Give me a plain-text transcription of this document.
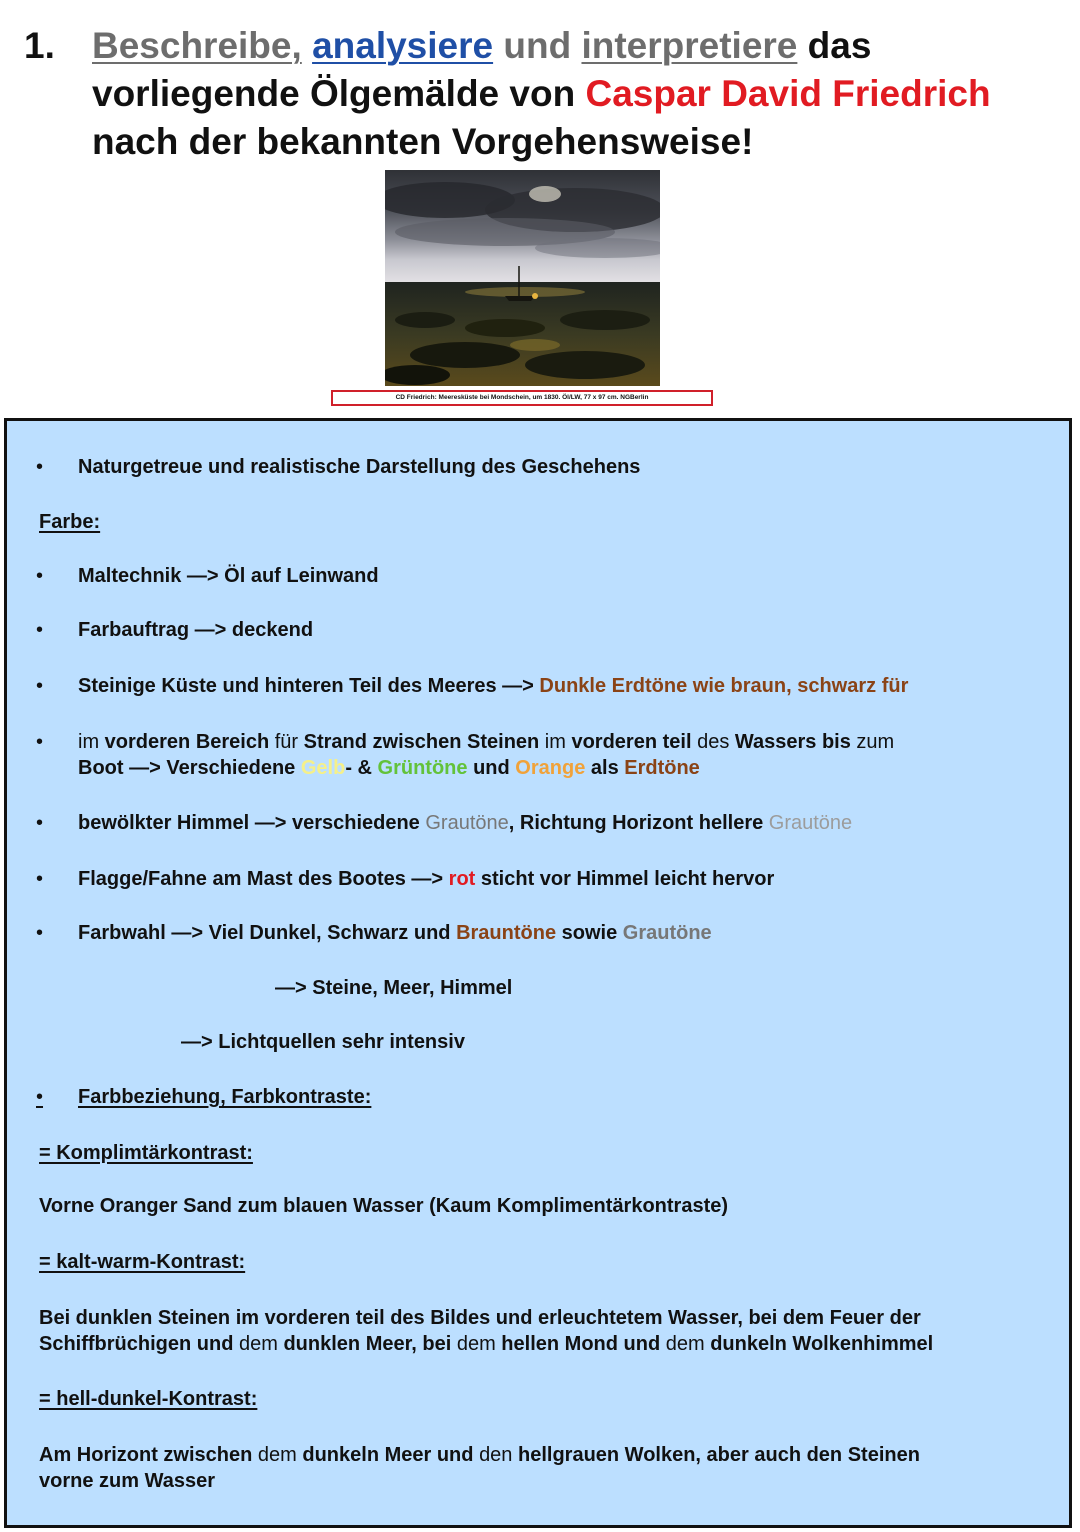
1. Beschreibe, analysiere und interpretiere das
vorliegende Ölgemälde von Caspar David Friedrich
nach der bekannten Vorgehensweise!
CD Friedrich: Meeresküste bei Mondschein, um 1830. Öl/LW, 77 x 97 cm. NGBerlin
• Naturgetreue und realistische Darstellung des Geschehens
Farbe:
• Maltechnik —> Öl auf Leinwand
• Farbauftrag —> deckend
• Steinige Küste und hinteren Teil des Meeres —> Dunkle Erdtöne wie braun, schwarz für
• im vorderen Bereich für Strand zwischen Steinen im vorderen teil des Wassers bis zum
Boot —> Verschiedene Gelb- & Grüntöne und Orange als Erdtöne
• bewölkter Himmel —> verschiedene Grautöne, Richtung Horizont hellere Grautöne
• Flagge/Fahne am Mast des Bootes —> rot sticht vor Himmel leicht hervor
• Farbwahl —> Viel Dunkel, Schwarz und Brauntöne sowie Grautöne
—> Steine, Meer, Himmel
—> Lichtquellen sehr intensiv
• Farbbeziehung, Farbkontraste:
= Komplimtärkontrast:
Vorne Oranger Sand zum blauen Wasser (Kaum Komplimentärkontraste)
= kalt-warm-Kontrast:
Bei dunklen Steinen im vorderen teil des Bildes und erleuchtetem Wasser, bei dem Feuer der
Schiffbrüchigen und dem dunklen Meer, bei dem hellen Mond und dem dunkeln Wolkenhimmel
= hell-dunkel-Kontrast:
Am Horizont zwischen dem dunkeln Meer und den hellgrauen Wolken, aber auch den Steinen
vorne zum Wasser
